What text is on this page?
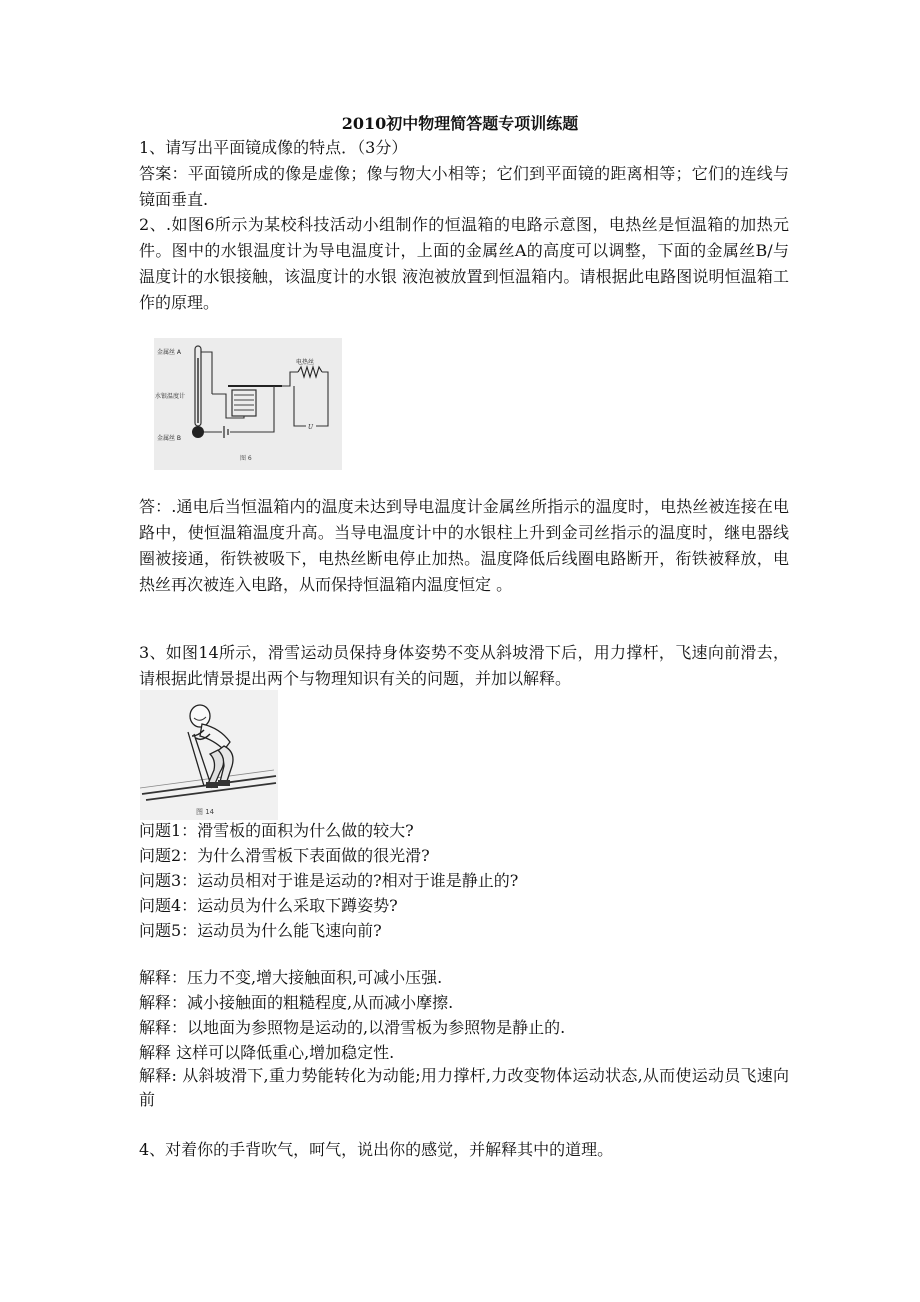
2010初中物理简答题专项训练题

1、请写出平面镜成像的特点．（3分）

答案：平面镜所成的像是虚像；像与物大小相等；它们到平面镜的距离相等；它们的连线与镜面垂直.

2、.如图6所示为某校科技活动小组制作的恒温箱的电路示意图，电热丝是恒温箱的加热元件。图中的水银温度计为导电温度计，上面的金属丝A的高度可以调整，下面的金属丝B/与温度计的水银接触，该温度计的水银 液泡被放置到恒温箱内。请根据此电路图说明恒温箱工作的原理。

金属丝 A
水银温度计
金属丝 B
电热丝
U
图 6

答：.通电后当恒温箱内的温度未达到导电温度计金属丝所指示的温度时，电热丝被连接在电路中，使恒温箱温度升高。当导电温度计中的水银柱上升到金司丝指示的温度时，继电器线圈被接通，衔铁被吸下，电热丝断电停止加热。温度降低后线圈电路断开，衔铁被释放，电热丝再次被连入电路，从而保持恒温箱内温度恒定 。

3、如图14所示，滑雪运动员保持身体姿势不变从斜坡滑下后，用力撑杆，飞速向前滑去，请根据此情景提出两个与物理知识有关的问题，并加以解释。

图 14

问题1：滑雪板的面积为什么做的较大?

问题2：为什么滑雪板下表面做的很光滑?

问题3：运动员相对于谁是运动的?相对于谁是静止的?

问题4：运动员为什么采取下蹲姿势?

问题5：运动员为什么能飞速向前?

解释：压力不变,增大接触面积,可减小压强.

解释：减小接触面的粗糙程度,从而减小摩擦.

解释：以地面为参照物是运动的,以滑雪板为参照物是静止的.

解释 这样可以降低重心,增加稳定性.

解释: 从斜坡滑下,重力势能转化为动能;用力撑杆,力改变物体运动状态,从而使运动员飞速向前

4、对着你的手背吹气，呵气，说出你的感觉，并解释其中的道理。
